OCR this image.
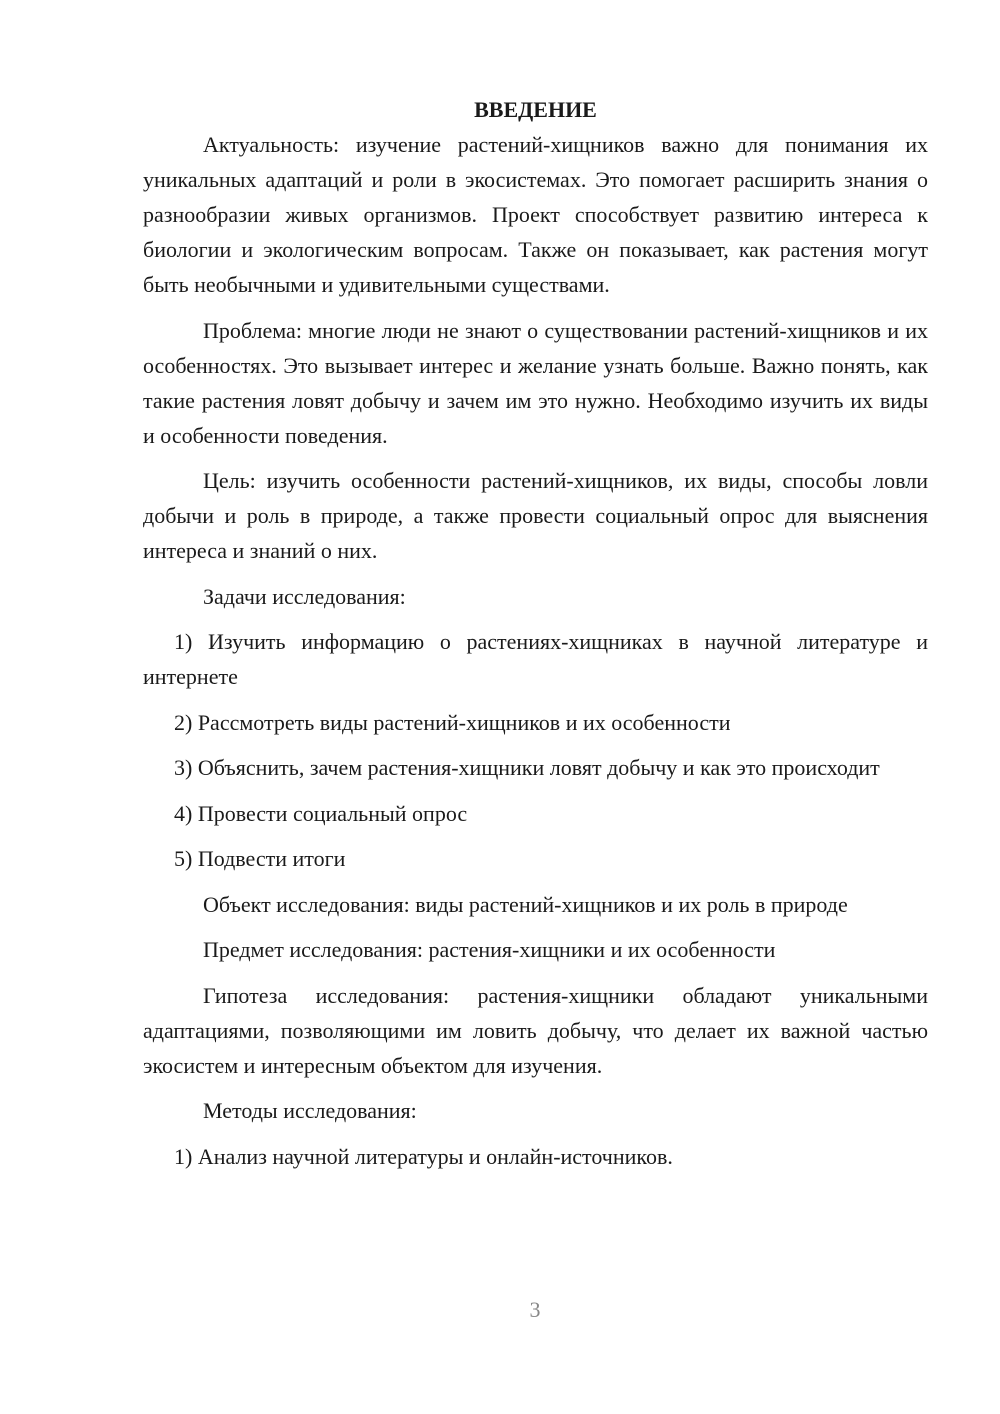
ВВЕДЕНИЕ

Актуальность: изучение растений-хищников важно для понимания их уникальных адаптаций и роли в экосистемах. Это помогает расширить знания о разнообразии живых организмов. Проект способствует развитию интереса к биологии и экологическим вопросам. Также он показывает, как растения могут быть необычными и удивительными существами.

Проблема: многие люди не знают о существовании растений-хищников и их особенностях. Это вызывает интерес и желание узнать больше. Важно понять, как такие растения ловят добычу и зачем им это нужно. Необходимо изучить их виды и особенности поведения.

Цель: изучить особенности растений-хищников, их виды, способы ловли добычи и роль в природе, а также провести социальный опрос для выяснения интереса и знаний о них.

Задачи исследования:

1) Изучить информацию о растениях-хищниках в научной литературе и интернете

2) Рассмотреть виды растений-хищников и их особенности

3) Объяснить, зачем растения-хищники ловят добычу и как это происходит

4) Провести социальный опрос

5) Подвести итоги

Объект исследования: виды растений-хищников и их роль в природе

Предмет исследования: растения-хищники и их особенности

Гипотеза исследования: растения-хищники обладают уникальными адаптациями, позволяющими им ловить добычу, что делает их важной частью экосистем и интересным объектом для изучения.

Методы исследования:

1) Анализ научной литературы и онлайн-источников.

3
